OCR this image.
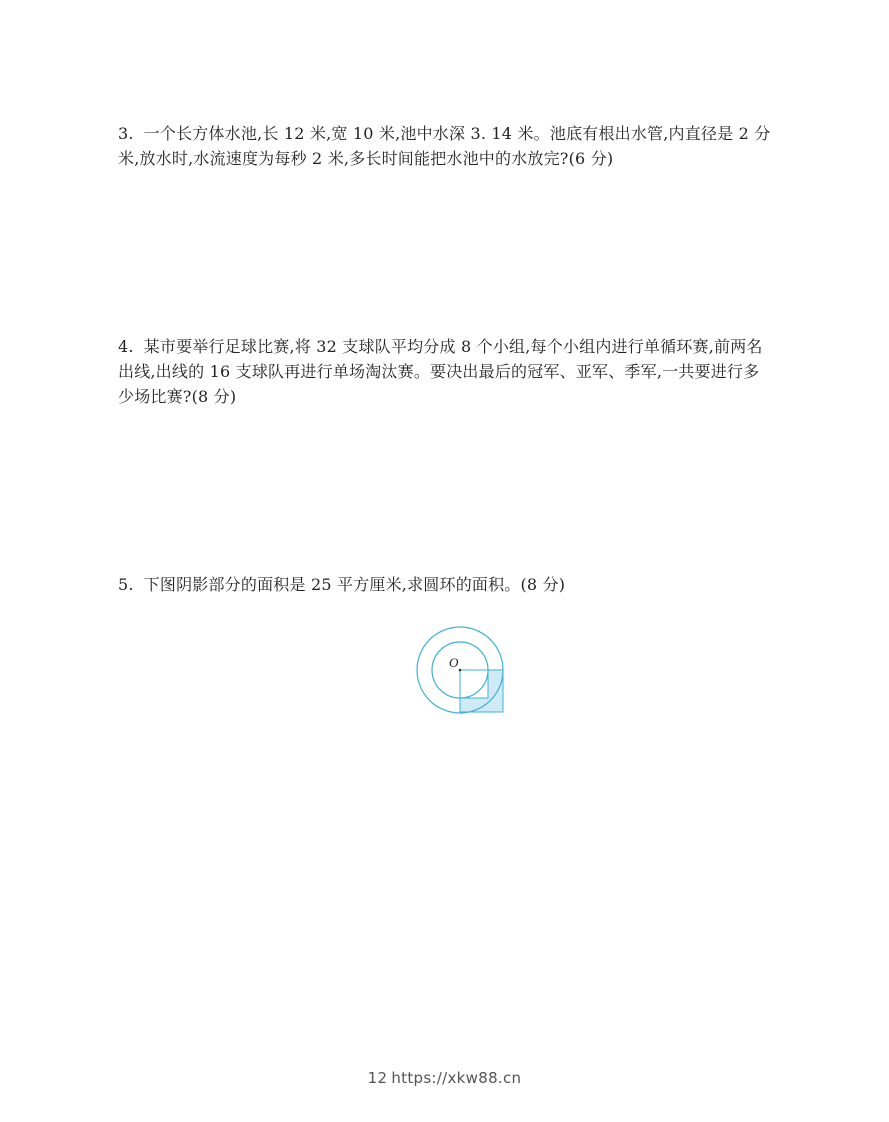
3. 一个长方体水池,长 12 米,宽 10 米,池中水深 3. 14 米。池底有根出水管,内直径是 2 分米,放水时,水流速度为每秒 2 米,多长时间能把水池中的水放完?(6 分)
4. 某市要举行足球比赛,将 32 支球队平均分成 8 个小组,每个小组内进行单循环赛,前两名出线,出线的 16 支球队再进行单场淘汰赛。要决出最后的冠军、亚军、季军,一共要进行多少场比赛?(8 分)
5. 下图阴影部分的面积是 25 平方厘米,求圆环的面积。(8 分)
O
12 https://xkw88.cn
